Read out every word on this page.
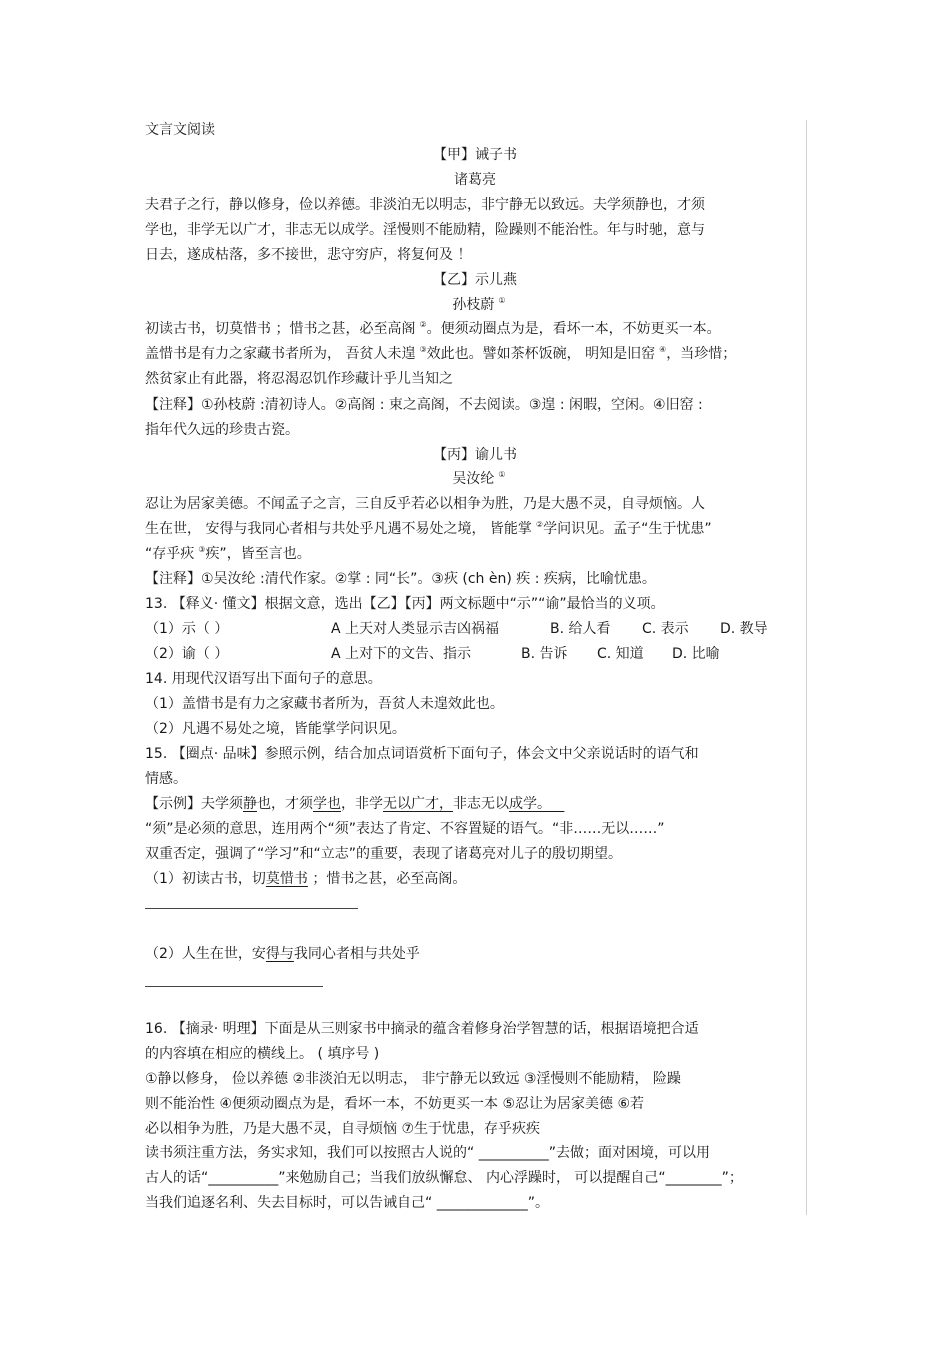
文言文阅读
【甲】诫子书
诸葛亮
夫君子之行，静以修身，俭以养德。非淡泊无以明志，非宁静无以致远。夫学须静也，才须
学也，非学无以广才，非志无以成学。淫慢则不能励精，险躁则不能治性。年与时驰，意与
日去，遂成枯落，多不接世，悲守穷庐，将复何及 ！
【乙】示儿燕
孙枝蔚 ①
初读古书，切莫惜书 ；惜书之甚，必至高阁 ②。便须动圈点为是，看坏一本，不妨更买一本。
盖惜书是有力之家藏书者所为， 吾贫人未遑 ③效此也。譬如茶杯饭碗， 明知是旧窑 ④，当珍惜；
然贫家止有此器，将忍渴忍饥作珍藏计乎儿当知之
【注释】①孙枝蔚 :清初诗人。②高阁 : 束之高阁，不去阅读。③遑 : 闲暇，空闲。④旧窑 :
指年代久远的珍贵古瓷。
【丙】谕儿书
吴汝纶 ①
忍让为居家美德。不闻孟子之言，三自反乎若必以相争为胜，乃是大愚不灵，自寻烦恼。人
生在世， 安得与我同心者相与共处乎凡遇不易处之境， 皆能掌 ②学问识见。孟子“生于忧患”
“存乎疢 ③疾”，皆至言也。
【注释】①吴汝纶 :清代作家。②掌 : 同“长”。③疢 (ch èn) 疾 : 疾病，比喻忧患。
13. 【释义· 懂文】根据文意，选出【乙】【丙】两文标题中“示”“谕”最恰当的义项。
（1）示（ ）	A 上天对人类显示吉凶祸福	B. 给人看	C. 表示	D. 教导
（2）谕（ ）	A 上对下的文告、指示	B. 告诉	C. 知道	D. 比喻
14. 用现代汉语写出下面句子的意思。
（1）盖惜书是有力之家藏书者所为，吾贫人未遑效此也。
（2）凡遇不易处之境，皆能掌学问识见。
15. 【圈点· 品味】参照示例，结合加点词语赏析下面句子，体会文中父亲说话时的语气和
情感。
【示例】夫学须静也，才须学也，非学无以广才，非志无以成学。
“须”是必须的意思，连用两个“须”表达了肯定、不容置疑的语气。“非……无以……”
双重否定，强调了“学习”和“立志”的重要，表现了诸葛亮对儿子的殷切期望。
（1）初读古书，切莫惜书 ；惜书之甚，必至高阁。
（2）人生在世，安得与我同心者相与共处乎
16. 【摘录· 明理】下面是从三则家书中摘录的蕴含着修身治学智慧的话，根据语境把合适
的内容填在相应的横线上。 ( 填序号 )
①静以修身， 俭以养德 ②非淡泊无以明志， 非宁静无以致远 ③淫慢则不能励精， 险躁
则不能治性 ④便须动圈点为是，看坏一本，不妨更买一本 ⑤忍让为居家美德 ⑥若
必以相争为胜，乃是大愚不灵，自寻烦恼 ⑦生于忧患，存乎疢疾
读书须注重方法，务实求知，我们可以按照古人说的“ __________”去做；面对困境，可以用
古人的话“__________”来勉励自己；当我们放纵懈怠、 内心浮躁时， 可以提醒自己“________”；
当我们追逐名利、失去目标时，可以告诫自己“ _____________”。
